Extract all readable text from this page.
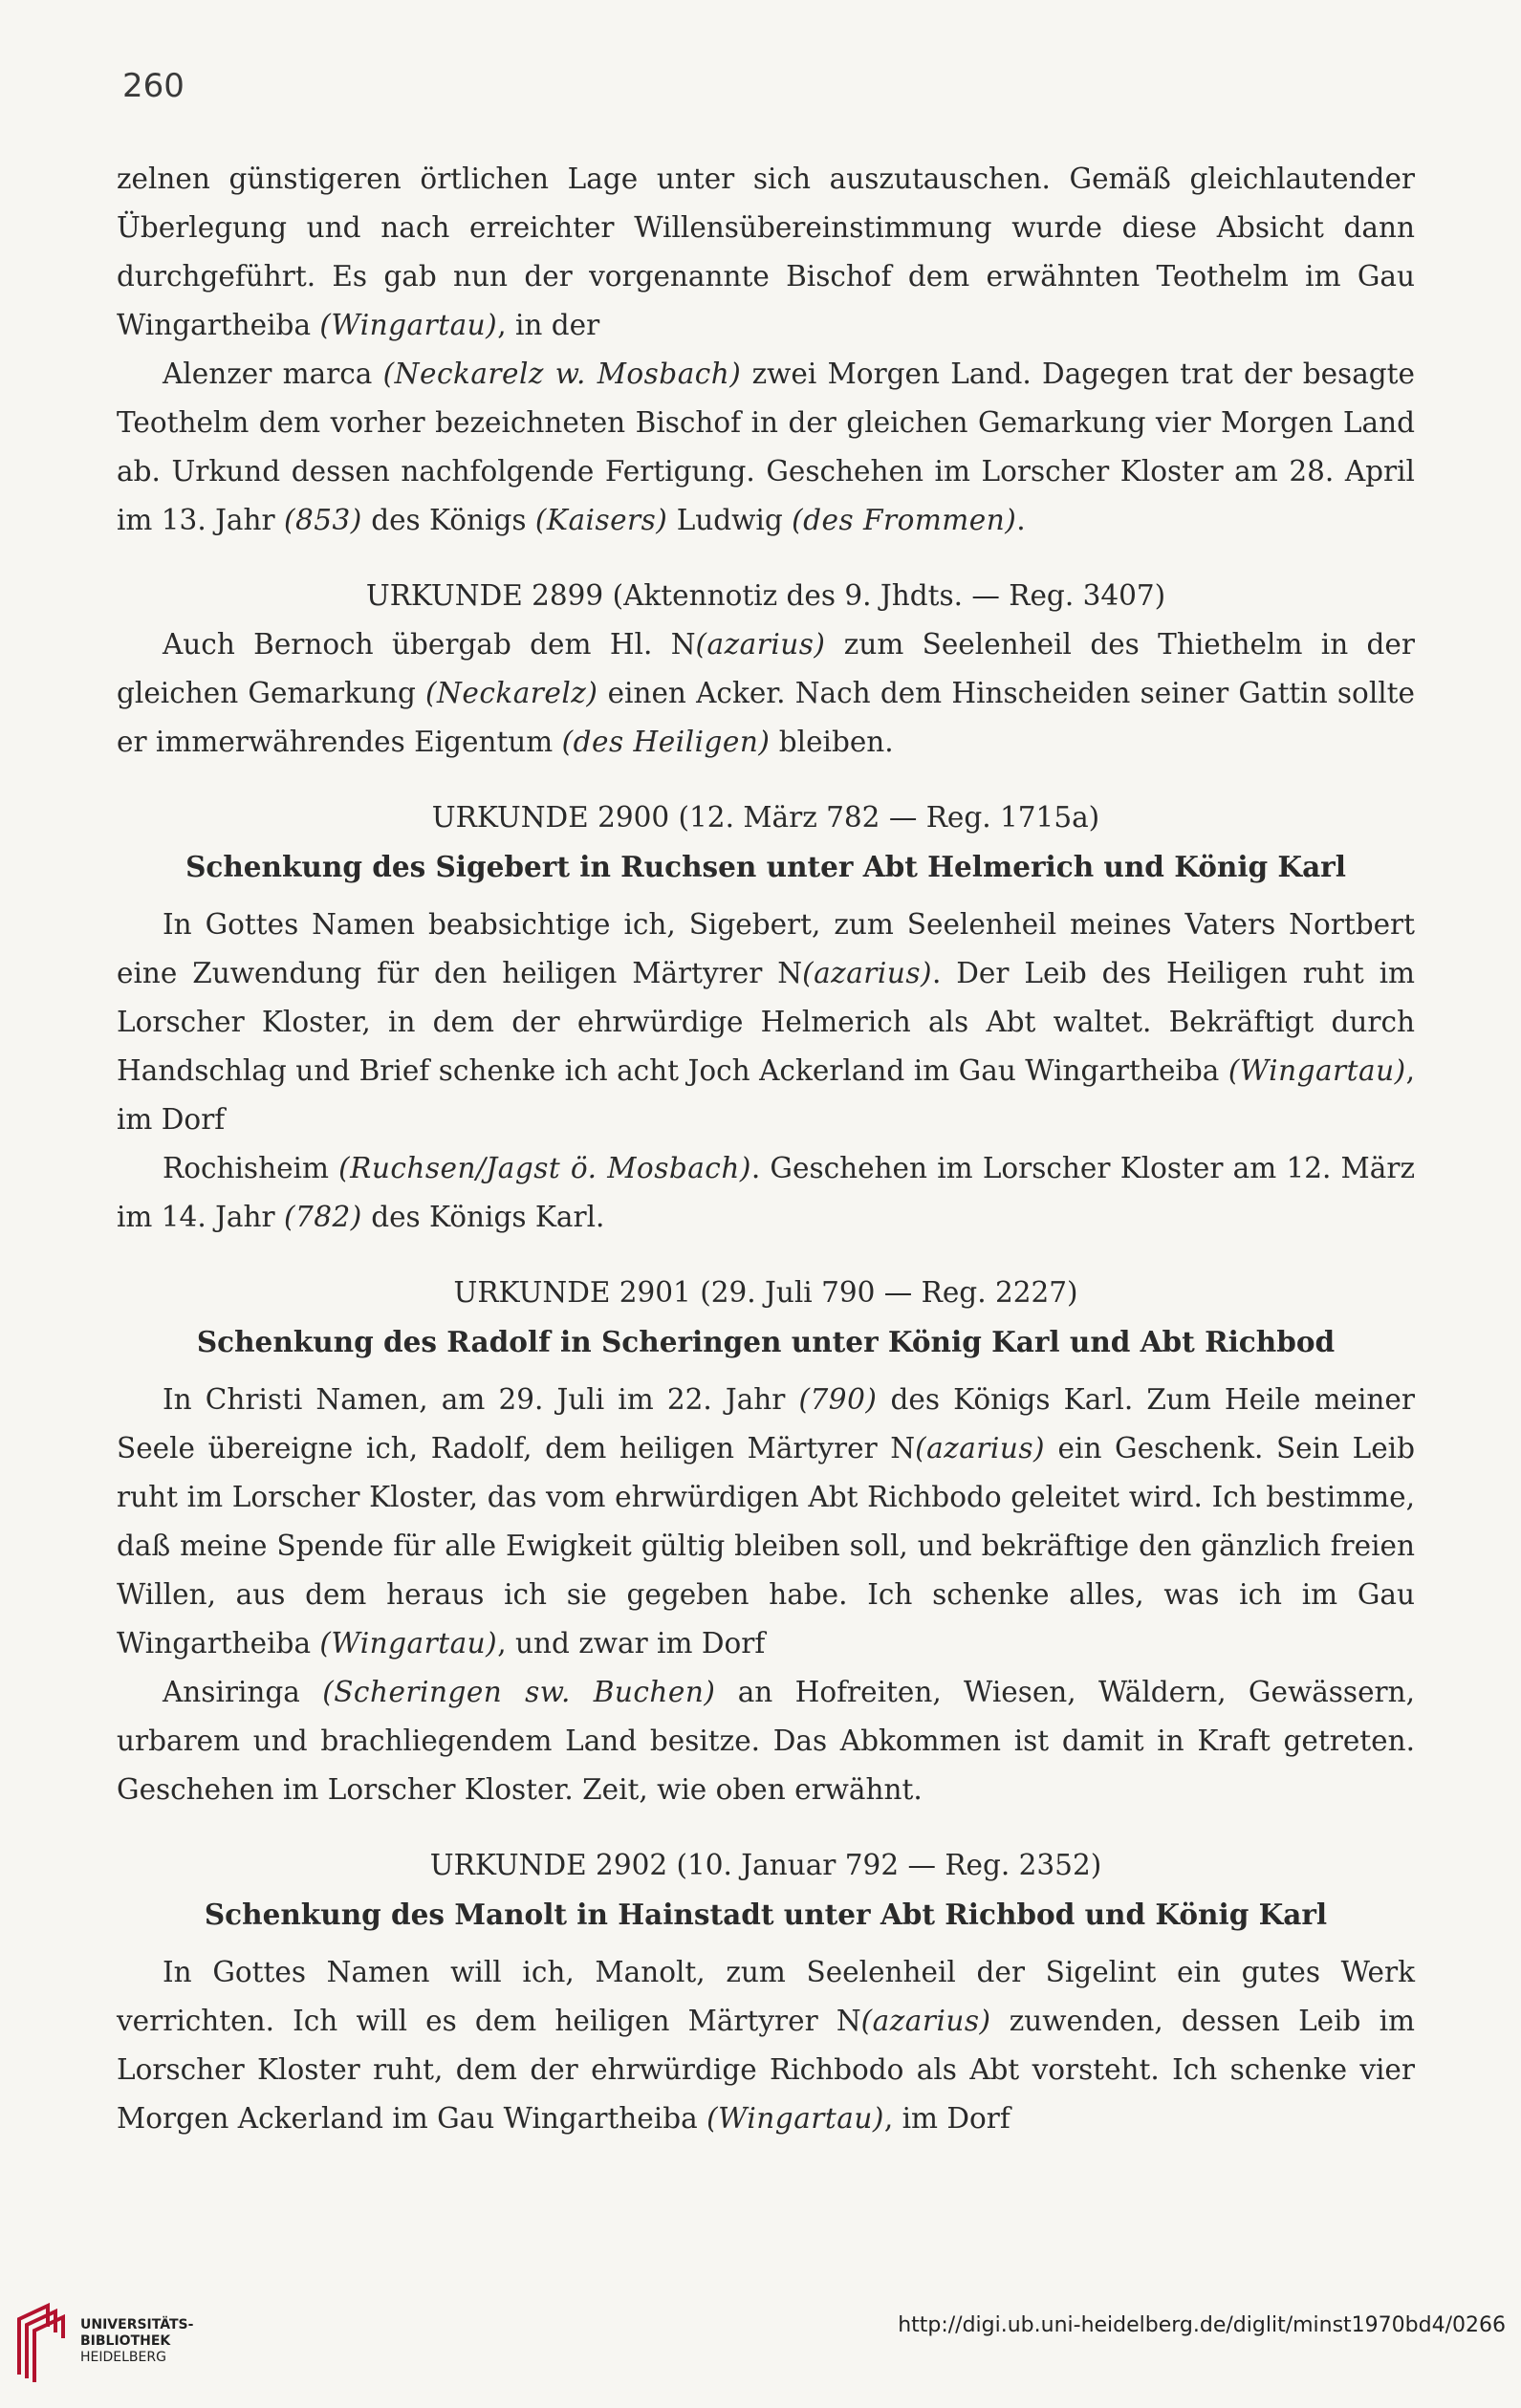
260

zelnen günstigeren örtlichen Lage unter sich auszutauschen. Gemäß gleichlautender Überlegung und nach erreichter Willensübereinstimmung wurde diese Absicht dann durchgeführt. Es gab nun der vorgenannte Bischof dem erwähnten Teothelm im Gau Wingartheiba (Wingartau), in der

Alenzer marca (Neckarelz w. Mosbach) zwei Morgen Land. Dagegen trat der besagte Teothelm dem vorher bezeichneten Bischof in der gleichen Gemarkung vier Morgen Land ab. Urkund dessen nachfolgende Fertigung. Geschehen im Lorscher Kloster am 28. April im 13. Jahr (853) des Königs (Kaisers) Ludwig (des Frommen).

URKUNDE 2899 (Aktennotiz des 9. Jhdts. — Reg. 3407)

Auch Bernoch übergab dem Hl. N(azarius) zum Seelenheil des Thiethelm in der gleichen Gemarkung (Neckarelz) einen Acker. Nach dem Hinscheiden seiner Gattin sollte er immerwährendes Eigentum (des Heiligen) bleiben.

URKUNDE 2900 (12. März 782 — Reg. 1715a)
Schenkung des Sigebert in Ruchsen unter Abt Helmerich und König Karl

In Gottes Namen beabsichtige ich, Sigebert, zum Seelenheil meines Vaters Nortbert eine Zuwendung für den heiligen Märtyrer N(azarius). Der Leib des Heiligen ruht im Lorscher Kloster, in dem der ehrwürdige Helmerich als Abt waltet. Bekräftigt durch Handschlag und Brief schenke ich acht Joch Ackerland im Gau Wingartheiba (Wingartau), im Dorf

Rochisheim (Ruchsen/Jagst ö. Mosbach). Geschehen im Lorscher Kloster am 12. März im 14. Jahr (782) des Königs Karl.

URKUNDE 2901 (29. Juli 790 — Reg. 2227)
Schenkung des Radolf in Scheringen unter König Karl und Abt Richbod

In Christi Namen, am 29. Juli im 22. Jahr (790) des Königs Karl. Zum Heile meiner Seele übereigne ich, Radolf, dem heiligen Märtyrer N(azarius) ein Geschenk. Sein Leib ruht im Lorscher Kloster, das vom ehrwürdigen Abt Richbodo geleitet wird. Ich bestimme, daß meine Spende für alle Ewigkeit gültig bleiben soll, und bekräftige den gänzlich freien Willen, aus dem heraus ich sie gegeben habe. Ich schenke alles, was ich im Gau Wingartheiba (Wingartau), und zwar im Dorf

Ansiringa (Scheringen sw. Buchen) an Hofreiten, Wiesen, Wäldern, Gewässern, urbarem und brachliegendem Land besitze. Das Abkommen ist damit in Kraft getreten. Geschehen im Lorscher Kloster. Zeit, wie oben erwähnt.

URKUNDE 2902 (10. Januar 792 — Reg. 2352)
Schenkung des Manolt in Hainstadt unter Abt Richbod und König Karl

In Gottes Namen will ich, Manolt, zum Seelenheil der Sigelint ein gutes Werk verrichten. Ich will es dem heiligen Märtyrer N(azarius) zuwenden, dessen Leib im Lorscher Kloster ruht, dem der ehrwürdige Richbodo als Abt vorsteht. Ich schenke vier Morgen Ackerland im Gau Wingartheiba (Wingartau), im Dorf

UNIVERSITÄTS-
BIBLIOTHEK
HEIDELBERG
http://digi.ub.uni-heidelberg.de/diglit/minst1970bd4/0266
